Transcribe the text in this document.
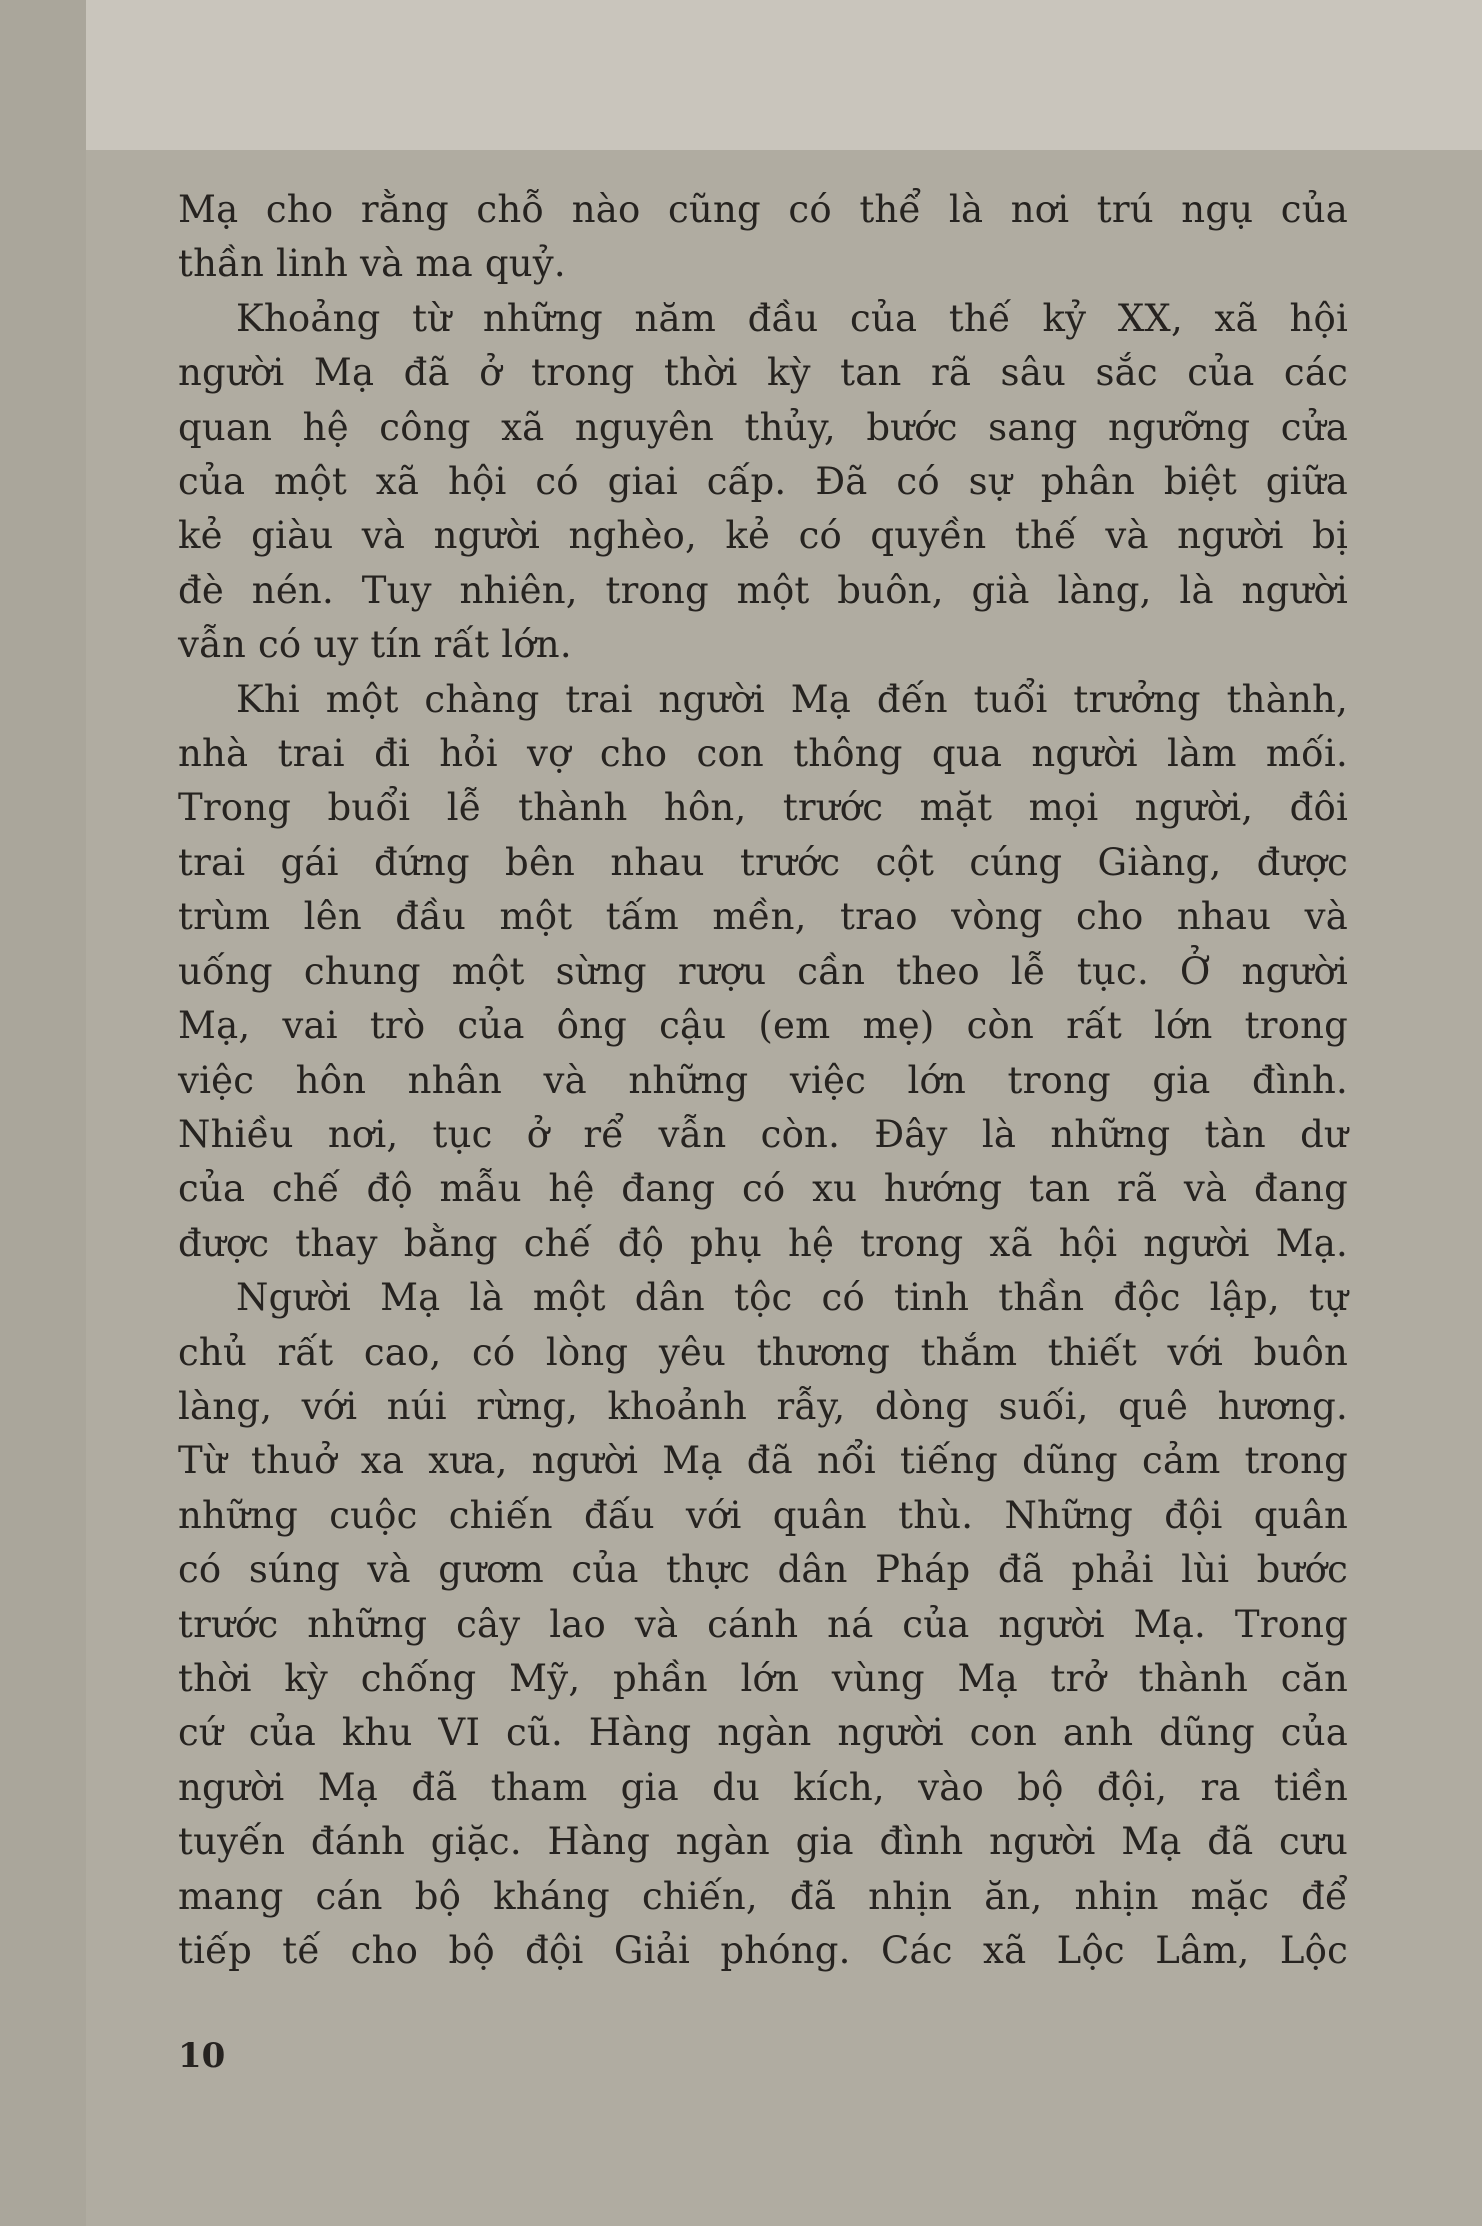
Mạ cho rằng chỗ nào cũng có thể là nơi trú ngụ của
thần linh và ma quỷ.
Khoảng từ những năm đầu của thế kỷ XX, xã hội
người Mạ đã ở trong thời kỳ tan rã sâu sắc của các
quan hệ công xã nguyên thủy, bước sang ngưỡng cửa
của một xã hội có giai cấp. Đã có sự phân biệt giữa
kẻ giàu và người nghèo, kẻ có quyền thế và người bị
đè nén. Tuy nhiên, trong một buôn, già làng, là người
vẫn có uy tín rất lớn.
Khi một chàng trai người Mạ đến tuổi trưởng thành,
nhà trai đi hỏi vợ cho con thông qua người làm mối.
Trong buổi lễ thành hôn, trước mặt mọi người, đôi
trai gái đứng bên nhau trước cột cúng Giàng, được
trùm lên đầu một tấm mền, trao vòng cho nhau và
uống chung một sừng rượu cần theo lễ tục. Ở người
Mạ, vai trò của ông cậu (em mẹ) còn rất lớn trong
việc hôn nhân và những việc lớn trong gia đình.
Nhiều nơi, tục ở rể vẫn còn. Đây là những tàn dư
của chế độ mẫu hệ đang có xu hướng tan rã và đang
được thay bằng chế độ phụ hệ trong xã hội người Mạ.
Người Mạ là một dân tộc có tinh thần độc lập, tự
chủ rất cao, có lòng yêu thương thắm thiết với buôn
làng, với núi rừng, khoảnh rẫy, dòng suối, quê hương.
Từ thuở xa xưa, người Mạ đã nổi tiếng dũng cảm trong
những cuộc chiến đấu với quân thù. Những đội quân
có súng và gươm của thực dân Pháp đã phải lùi bước
trước những cây lao và cánh ná của người Mạ. Trong
thời kỳ chống Mỹ, phần lớn vùng Mạ trở thành căn
cứ của khu VI cũ. Hàng ngàn người con anh dũng của
người Mạ đã tham gia du kích, vào bộ đội, ra tiền
tuyến đánh giặc. Hàng ngàn gia đình người Mạ đã cưu
mang cán bộ kháng chiến, đã nhịn ăn, nhịn mặc để
tiếp tế cho bộ đội Giải phóng. Các xã Lộc Lâm, Lộc
10
